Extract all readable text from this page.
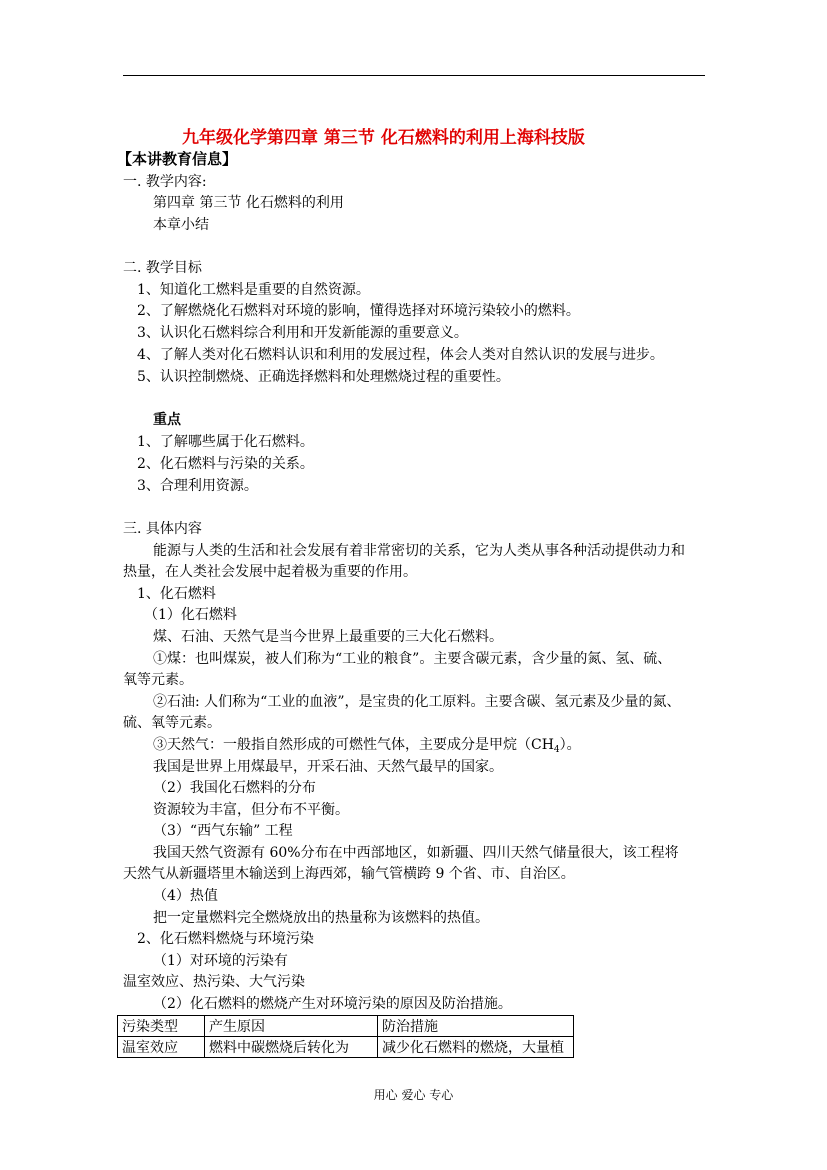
九年级化学第四章 第三节 化石燃料的利用上海科技版
【本讲教育信息】
一. 教学内容:
第四章 第三节 化石燃料的利用
本章小结
二. 教学目标
1、知道化工燃料是重要的自然资源。
2、了解燃烧化石燃料对环境的影响，懂得选择对环境污染较小的燃料。
3、认识化石燃料综合利用和开发新能源的重要意义。
4、了解人类对化石燃料认识和利用的发展过程，体会人类对自然认识的发展与进步。
5、认识控制燃烧、正确选择燃料和处理燃烧过程的重要性。
重点
1、了解哪些属于化石燃料。
2、化石燃料与污染的关系。
3、合理利用资源。
三. 具体内容
能源与人类的生活和社会发展有着非常密切的关系，它为人类从事各种活动提供动力和
热量，在人类社会发展中起着极为重要的作用。
1、化石燃料
（1）化石燃料
煤、石油、天然气是当今世界上最重要的三大化石燃料。
①煤：也叫煤炭，被人们称为“工业的粮食”。主要含碳元素，含少量的氮、氢、硫、
氧等元素。
②石油: 人们称为“工业的血液”，是宝贵的化工原料。主要含碳、氢元素及少量的氮、
硫、氧等元素。
③天然气：一般指自然形成的可燃性气体，主要成分是甲烷$(CH_4)$。
我国是世界上用煤最早，开采石油、天然气最早的国家。
（2）我国化石燃料的分布
资源较为丰富，但分布不平衡。
（3）“西气东输” 工程
我国天然气资源有 60%分布在中西部地区，如新疆、四川天然气储量很大，该工程将
天然气从新疆塔里木输送到上海西郊，输气管横跨 9 个省、市、自治区。
（4）热值
把一定量燃料完全燃烧放出的热量称为该燃料的热值。
2、化石燃料燃烧与环境污染
（1）对环境的污染有
温室效应、热污染、大气污染
（2）化石燃料的燃烧产生对环境污染的原因及防治措施。
污染类型	产生原因	防治措施
温室效应	燃料中碳燃烧后转化为	减少化石燃料的燃烧，大量植
用心 爱心 专心
